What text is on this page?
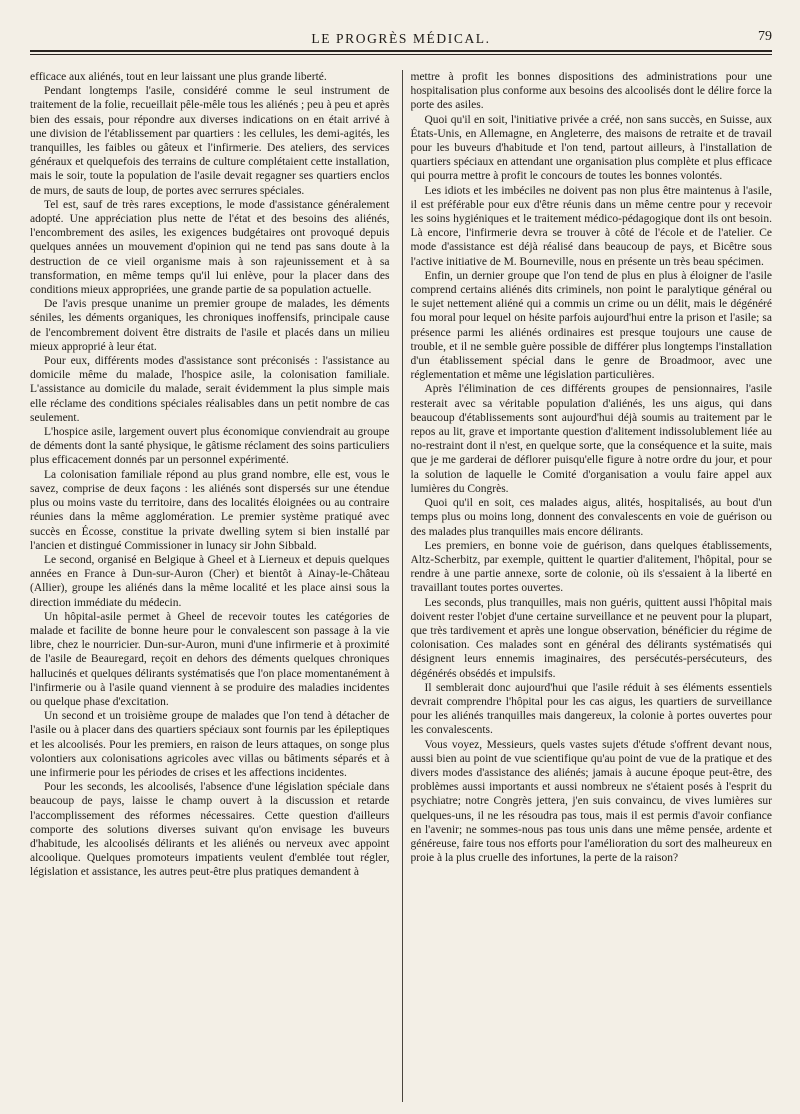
LE PROGRÈS MÉDICAL.	79

efficace aux aliénés, tout en leur laissant une plus grande liberté.

Pendant longtemps l'asile, considéré comme le seul instrument de traitement de la folie, recueillait pêle-mêle tous les aliénés ; peu à peu et après bien des essais, pour répondre aux diverses indications on en était arrivé à une division de l'établissement par quartiers : les cellules, les demi-agités, les tranquilles, les faibles ou gâteux et l'infirmerie. Des ateliers, des services généraux et quelquefois des terrains de culture complétaient cette installation, mais le soir, toute la population de l'asile devait regagner ses quartiers enclos de murs, de sauts de loup, de portes avec serrures spéciales.

Tel est, sauf de très rares exceptions, le mode d'assistance généralement adopté. Une appréciation plus nette de l'état et des besoins des aliénés, l'encombrement des asiles, les exigences budgétaires ont provoqué depuis quelques années un mouvement d'opinion qui ne tend pas sans doute à la destruction de ce vieil organisme mais à son rajeunissement et à sa transformation, en même temps qu'il lui enlève, pour la placer dans des conditions mieux appropriées, une grande partie de sa population actuelle.

De l'avis presque unanime un premier groupe de malades, les déments séniles, les déments organiques, les chroniques inoffensifs, principale cause de l'encombrement doivent être distraits de l'asile et placés dans un milieu mieux approprié à leur état.

Pour eux, différents modes d'assistance sont préconisés : l'assistance au domicile même du malade, l'hospice asile, la colonisation familiale. L'assistance au domicile du malade, serait évidemment la plus simple mais elle réclame des conditions spéciales réalisables dans un petit nombre de cas seulement.

L'hospice asile, largement ouvert plus économique conviendrait au groupe de déments dont la santé physique, le gâtisme réclament des soins particuliers plus efficacement donnés par un personnel expérimenté.

La colonisation familiale répond au plus grand nombre, elle est, vous le savez, comprise de deux façons : les aliénés sont dispersés sur une étendue plus ou moins vaste du territoire, dans des localités éloignées ou au contraire réunies dans la même agglomération. Le premier système pratiqué avec succès en Écosse, constitue la private dwelling sytem si bien installé par l'ancien et distingué Commissioner in lunacy sir John Sibbald.

Le second, organisé en Belgique à Gheel et à Lierneux et depuis quelques années en France à Dun-sur-Auron (Cher) et bientôt à Ainay-le-Château (Allier), groupe les aliénés dans la même localité et les place ainsi sous la direction immédiate du médecin.

Un hôpital-asile permet à Gheel de recevoir toutes les catégories de malade et facilite de bonne heure pour le convalescent son passage à la vie libre, chez le nourricier. Dun-sur-Auron, muni d'une infirmerie et à proximité de l'asile de Beauregard, reçoit en dehors des déments quelques chroniques hallucinés et quelques délirants systématisés que l'on place momentanément à l'infirmerie ou à l'asile quand viennent à se produire des maladies incidentes ou quelque phase d'excitation.

Un second et un troisième groupe de malades que l'on tend à détacher de l'asile ou à placer dans des quartiers spéciaux sont fournis par les épileptiques et les alcoolisés. Pour les premiers, en raison de leurs attaques, on songe plus volontiers aux colonisations agricoles avec villas ou bâtiments séparés et à une infirmerie pour les périodes de crises et les affections incidentes.

Pour les seconds, les alcoolisés, l'absence d'une législation spéciale dans beaucoup de pays, laisse le champ ouvert à la discussion et retarde l'accomplissement des réformes nécessaires. Cette question d'ailleurs comporte des solutions diverses suivant qu'on envisage les buveurs d'habitude, les alcoolisés délirants et les aliénés ou nerveux avec appoint alcoolique. Quelques promoteurs impatients veulent d'emblée tout régler, législation et assistance, les autres peut-être plus pratiques demandent à

mettre à profit les bonnes dispositions des administrations pour une hospitalisation plus conforme aux besoins des alcoolisés dont le délire force la porte des asiles.

Quoi qu'il en soit, l'initiative privée a créé, non sans succès, en Suisse, aux États-Unis, en Allemagne, en Angleterre, des maisons de retraite et de travail pour les buveurs d'habitude et l'on tend, partout ailleurs, à l'installation de quartiers spéciaux en attendant une organisation plus complète et plus efficace qui pourra mettre à profit le concours de toutes les bonnes volontés.

Les idiots et les imbéciles ne doivent pas non plus être maintenus à l'asile, il est préférable pour eux d'être réunis dans un même centre pour y recevoir les soins hygiéniques et le traitement médico-pédagogique dont ils ont besoin. Là encore, l'infirmerie devra se trouver à côté de l'école et de l'atelier. Ce mode d'assistance est déjà réalisé dans beaucoup de pays, et Bicêtre sous l'active initiative de M. Bourneville, nous en présente un très beau spécimen.

Enfin, un dernier groupe que l'on tend de plus en plus à éloigner de l'asile comprend certains aliénés dits criminels, non point le paralytique général ou le sujet nettement aliéné qui a commis un crime ou un délit, mais le dégénéré fou moral pour lequel on hésite parfois aujourd'hui entre la prison et l'asile; sa présence parmi les aliénés ordinaires est presque toujours une cause de trouble, et il ne semble guère possible de différer plus longtemps l'installation d'un établissement spécial dans le genre de Broadmoor, avec une réglementation et même une législation particulières.

Après l'élimination de ces différents groupes de pensionnaires, l'asile resterait avec sa véritable population d'aliénés, les uns aigus, qui dans beaucoup d'établissements sont aujourd'hui déjà soumis au traitement par le repos au lit, grave et importante question d'alitement indissolublement liée au no-restraint dont il n'est, en quelque sorte, que la conséquence et la suite, mais que je me garderai de déflorer puisqu'elle figure à notre ordre du jour, et pour la solution de laquelle le Comité d'organisation a voulu faire appel aux lumières du Congrès.

Quoi qu'il en soit, ces malades aigus, alités, hospitalisés, au bout d'un temps plus ou moins long, donnent des convalescents en voie de guérison ou des malades plus tranquilles mais encore délirants.

Les premiers, en bonne voie de guérison, dans quelques établissements, Altz-Scherbitz, par exemple, quittent le quartier d'alitement, l'hôpital, pour se rendre à une partie annexe, sorte de colonie, où ils s'essaient à la liberté en travaillant toutes portes ouvertes.

Les seconds, plus tranquilles, mais non guéris, quittent aussi l'hôpital mais doivent rester l'objet d'une certaine surveillance et ne peuvent pour la plupart, que très tardivement et après une longue observation, bénéficier du régime de colonisation. Ces malades sont en général des délirants systématisés qui désignent leurs ennemis imaginaires, des persécutés-persécuteurs, des dégénérés obsédés et impulsifs.

Il semblerait donc aujourd'hui que l'asile réduit à ses éléments essentiels devrait comprendre l'hôpital pour les cas aigus, les quartiers de surveillance pour les aliénés tranquilles mais dangereux, la colonie à portes ouvertes pour les convalescents.

Vous voyez, Messieurs, quels vastes sujets d'étude s'offrent devant nous, aussi bien au point de vue scientifique qu'au point de vue de la pratique et des divers modes d'assistance des aliénés; jamais à aucune époque peut-être, des problèmes aussi importants et aussi nombreux ne s'étaient posés à l'esprit du psychiatre; notre Congrès jettera, j'en suis convaincu, de vives lumières sur quelques-uns, il ne les résoudra pas tous, mais il est permis d'avoir confiance en l'avenir; ne sommes-nous pas tous unis dans une même pensée, ardente et généreuse, faire tous nos efforts pour l'amélioration du sort des malheureux en proie à la plus cruelle des infortunes, la perte de la raison?
